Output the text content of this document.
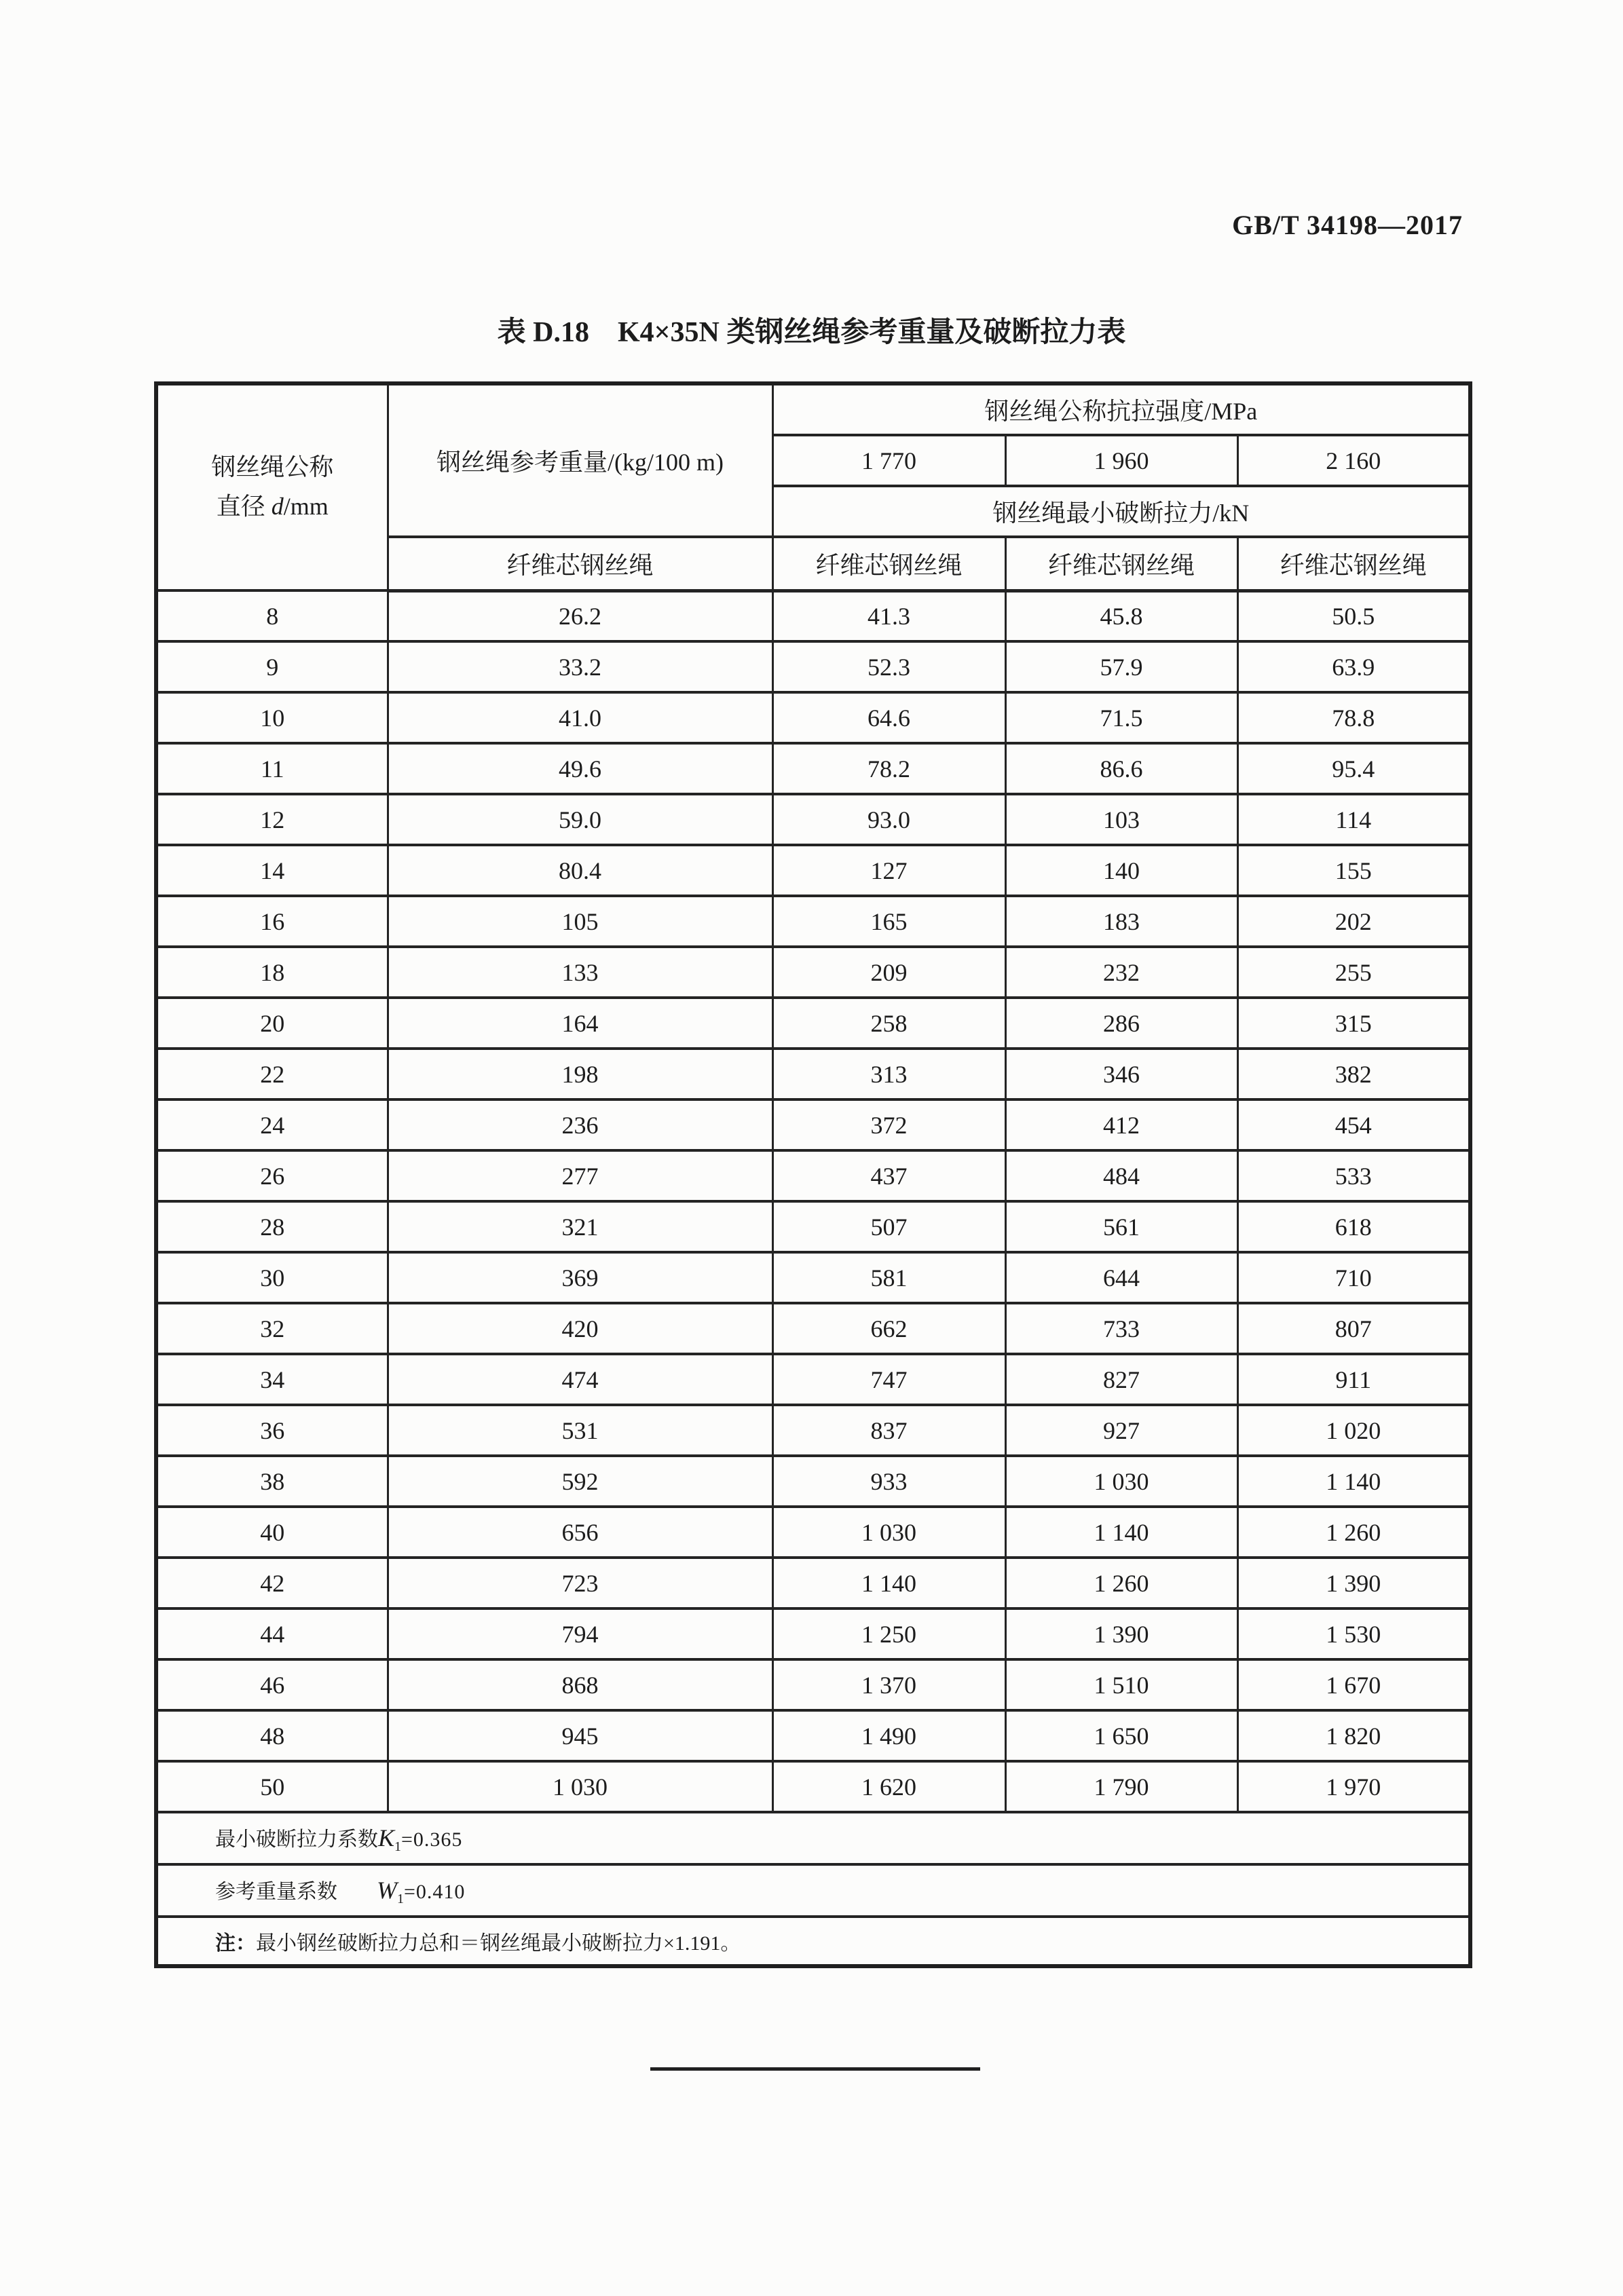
GB/T 34198—2017
表 D.18　K4×35N 类钢丝绳参考重量及破断拉力表
钢丝绳公称
直径 d/mm	钢丝绳参考重量/(kg/100 m)	钢丝绳公称抗拉强度/MPa		
		1 770	1 960	2 160
		钢丝绳最小破断拉力/kN		
	纤维芯钢丝绳	纤维芯钢丝绳	纤维芯钢丝绳	纤维芯钢丝绳
8	26.2	41.3	45.8	50.5
9	33.2	52.3	57.9	63.9
10	41.0	64.6	71.5	78.8
11	49.6	78.2	86.6	95.4
12	59.0	93.0	103	114
14	80.4	127	140	155
16	105	165	183	202
18	133	209	232	255
20	164	258	286	315
22	198	313	346	382
24	236	372	412	454
26	277	437	484	533
28	321	507	561	618
30	369	581	644	710
32	420	662	733	807
34	474	747	827	911
36	531	837	927	1 020
38	592	933	1 030	1 140
40	656	1 030	1 140	1 260
42	723	1 140	1 260	1 390
44	794	1 250	1 390	1 530
46	868	1 370	1 510	1 670
48	945	1 490	1 650	1 820
50	1 030	1 620	1 790	1 970
最小破断拉力系数$K_1=0.365$				
参考重量系数 $W_1=0.410$				
注：最小钢丝破断拉力总和＝钢丝绳最小破断拉力×1.191。				
